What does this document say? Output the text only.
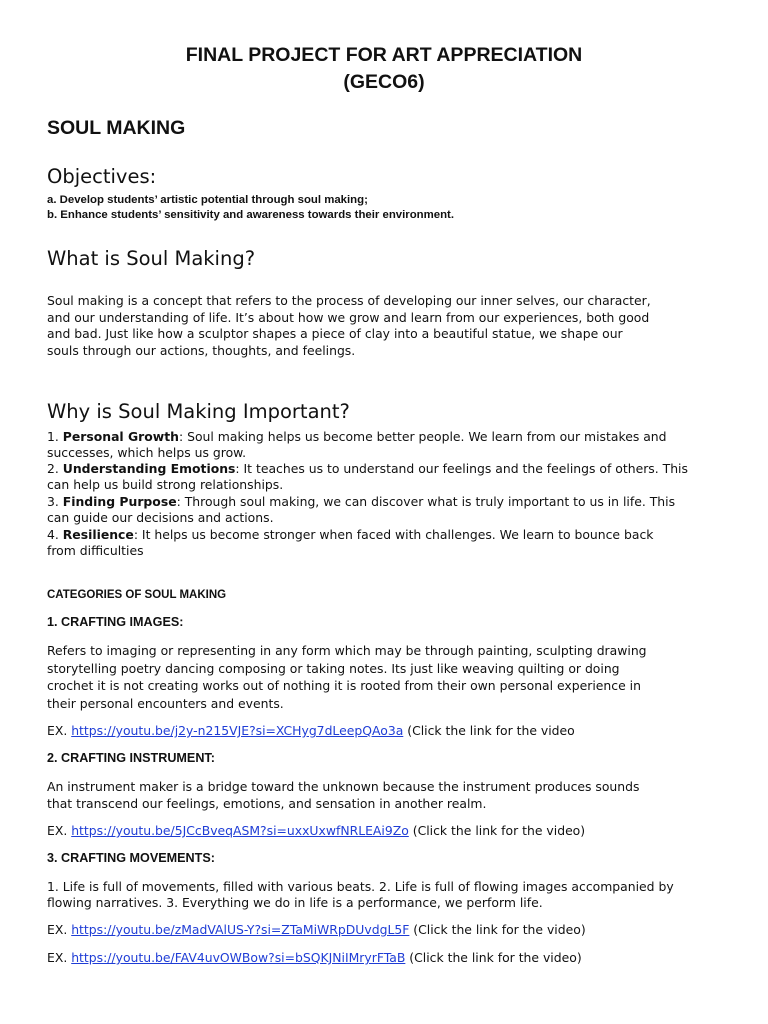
FINAL PROJECT FOR ART APPRECIATION
(GECO6)
SOUL MAKING
Objectives:
a. Develop students’ artistic potential through soul making;
b. Enhance students’ sensitivity and awareness towards their environment.
What is Soul Making?
Soul making is a concept that refers to the process of developing our inner selves, our character,
and our understanding of life. It’s about how we grow and learn from our experiences, both good
and bad. Just like how a sculptor shapes a piece of clay into a beautiful statue, we shape our
souls through our actions, thoughts, and feelings.
Why is Soul Making Important?
1. Personal Growth: Soul making helps us become better people. We learn from our mistakes and
successes, which helps us grow.
2. Understanding Emotions: It teaches us to understand our feelings and the feelings of others. This
can help us build strong relationships.
3. Finding Purpose: Through soul making, we can discover what is truly important to us in life. This
can guide our decisions and actions.
4. Resilience: It helps us become stronger when faced with challenges. We learn to bounce back
from difficulties
CATEGORIES OF SOUL MAKING
1. CRAFTING IMAGES:
Refers to imaging or representing in any form which may be through painting, sculpting drawing
storytelling poetry dancing composing or taking notes. Its just like weaving quilting or doing
crochet it is not creating works out of nothing it is rooted from their own personal experience in
their personal encounters and events.
EX. https://youtu.be/j2y-n215VJE?si=XCHyg7dLeepQAo3a (Click the link for the video
2. CRAFTING INSTRUMENT:
An instrument maker is a bridge toward the unknown because the instrument produces sounds
that transcend our feelings, emotions, and sensation in another realm.
EX. https://youtu.be/5JCcBveqASM?si=uxxUxwfNRLEAi9Zo (Click the link for the video)
3. CRAFTING MOVEMENTS:
1. Life is full of movements, filled with various beats. 2. Life is full of flowing images accompanied by
flowing narratives. 3. Everything we do in life is a performance, we perform life.
EX. https://youtu.be/zMadVAlUS-Y?si=ZTaMiWRpDUvdgL5F (Click the link for the video)
EX. https://youtu.be/FAV4uvOWBow?si=bSQKJNiIMryrFTaB (Click the link for the video)
